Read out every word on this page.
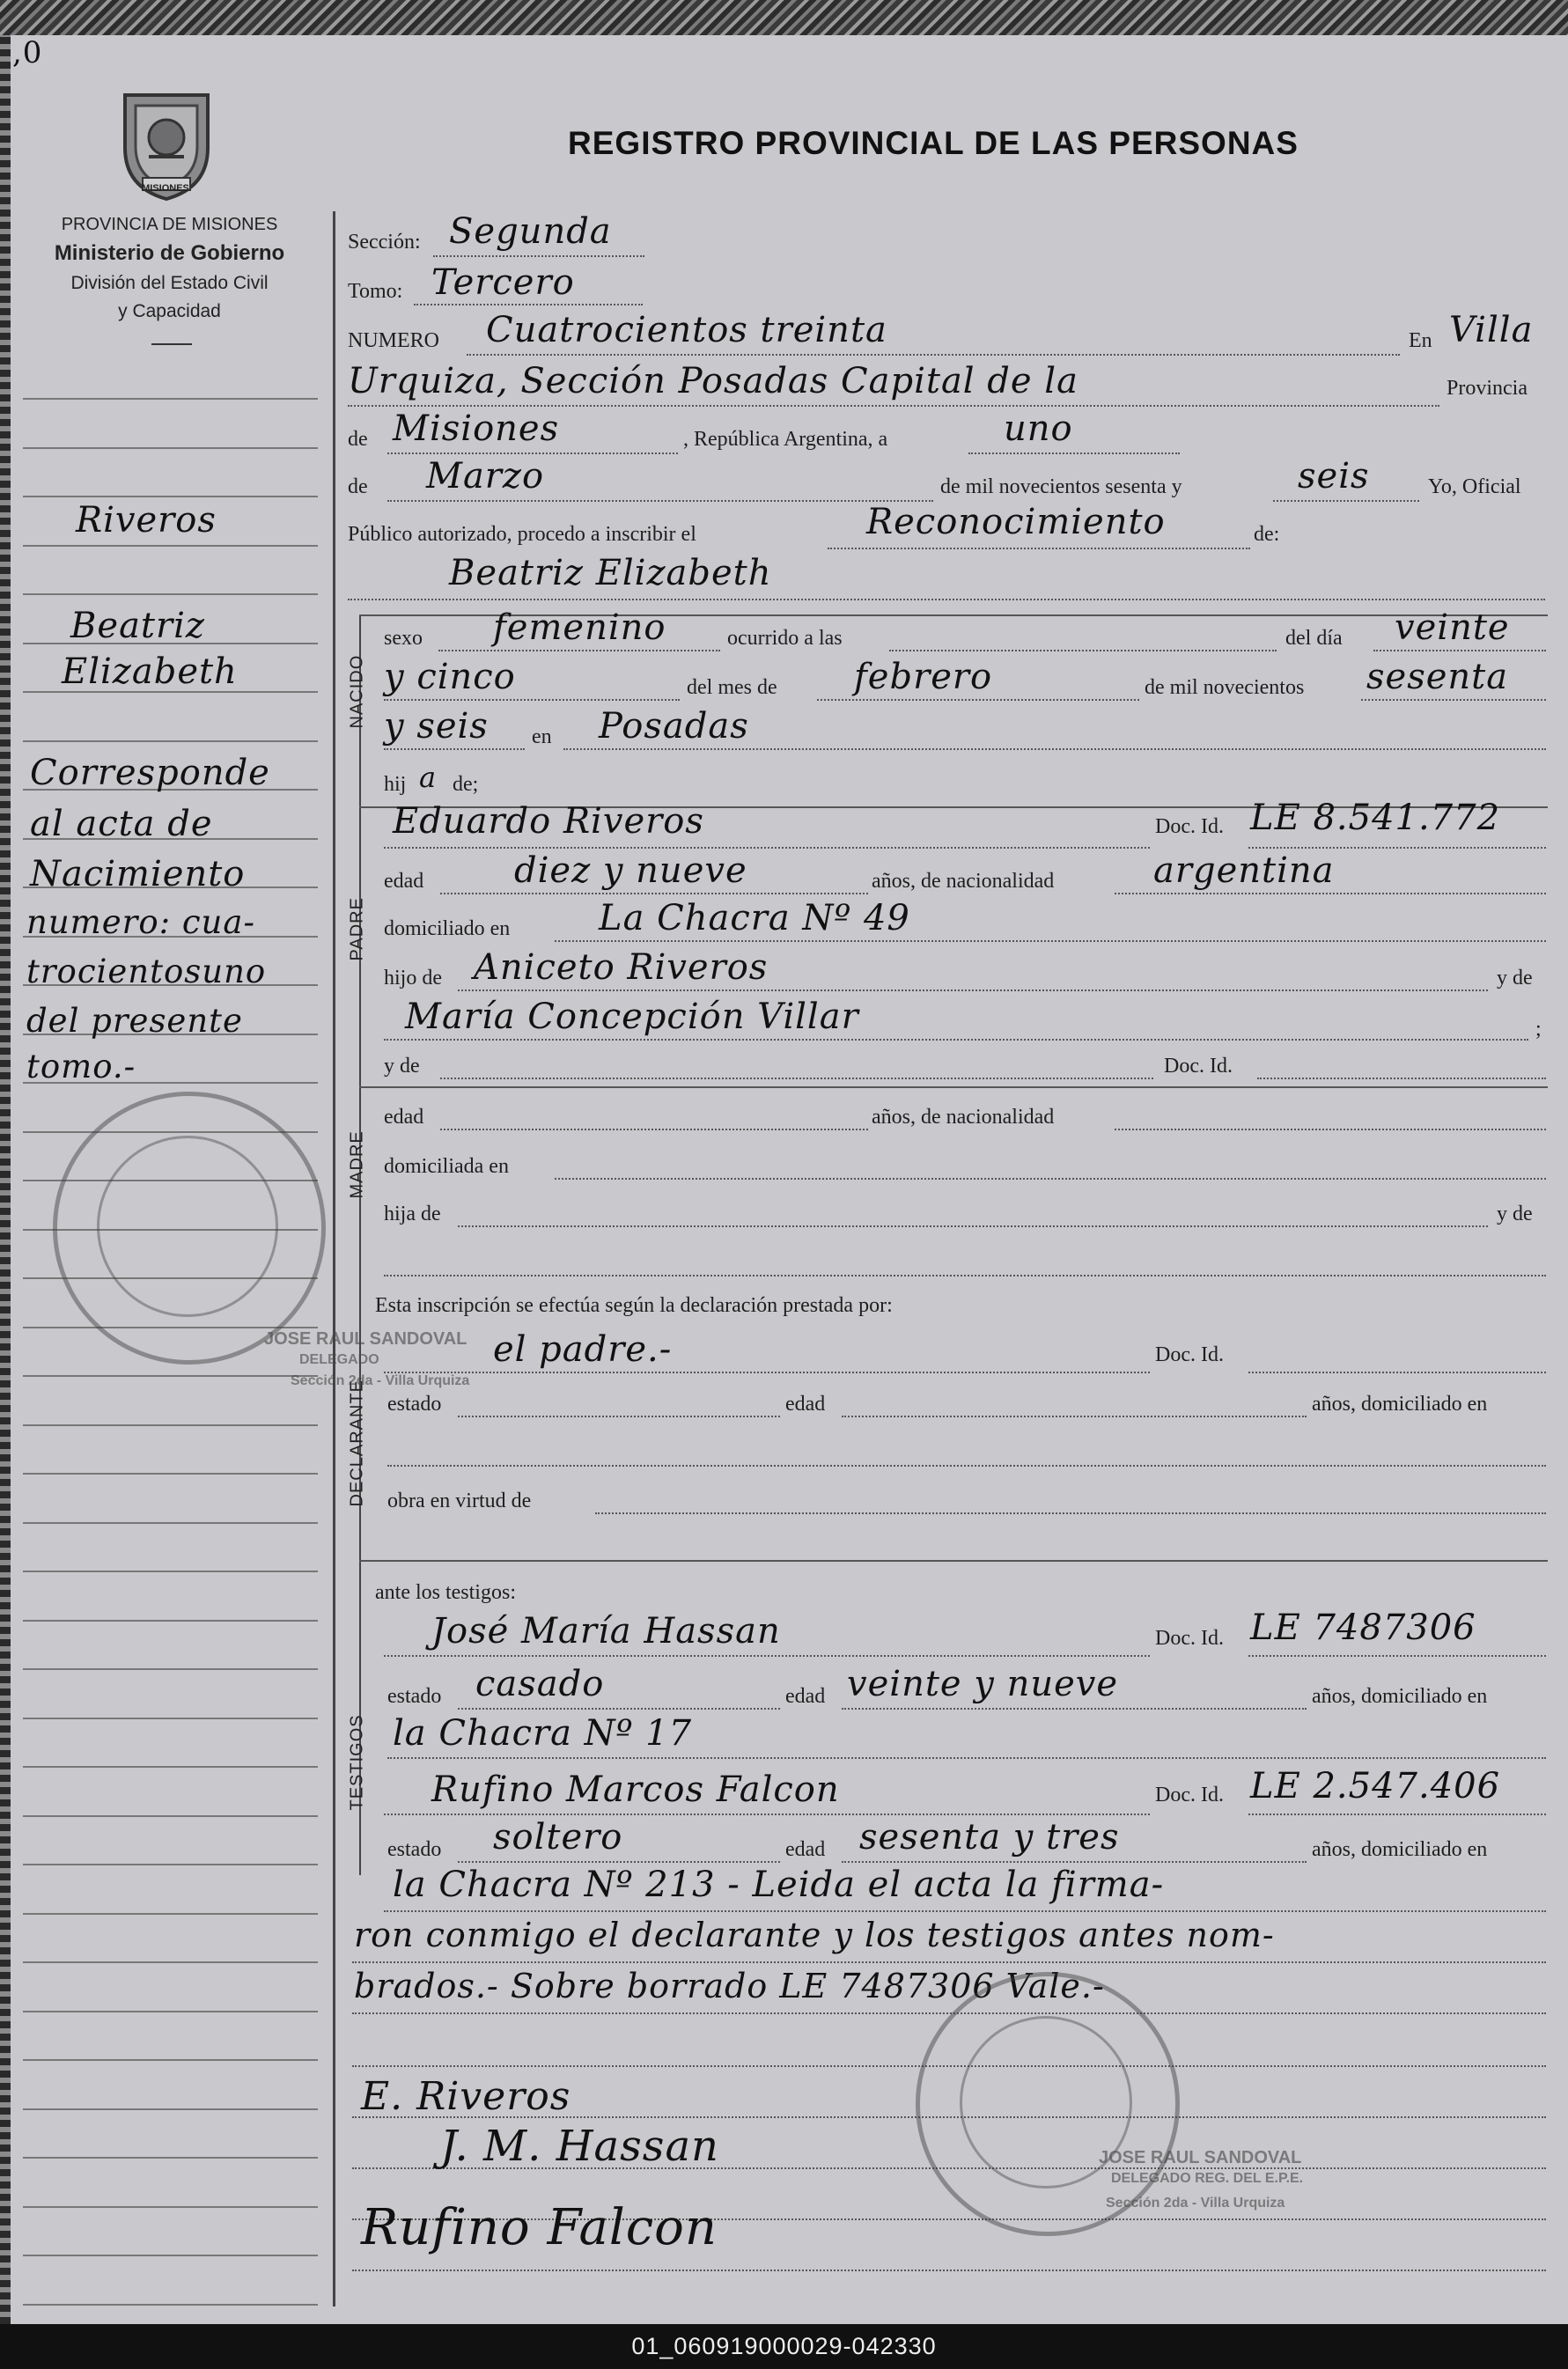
,0
MISIONES
PROVINCIA DE MISIONES
Ministerio de Gobierno
División del Estado Civil
y Capacidad
REGISTRO PROVINCIAL DE LAS PERSONAS
Riveros
Beatriz
Elizabeth
Corresponde
al acta de
Nacimiento
numero: cua-
trocientosuno
del presente
tomo.-
NACIDO
PADRE
MADRE
DECLARANTE
TESTIGOS
Sección: Segunda
Tomo: Tercero
NUMERO Cuatrocientos treinta	En Villa
Urquiza, Sección Posadas Capital de la	Provincia
de Misiones	, República Argentina, a	uno
de Marzo	de mil novecientos sesenta y	seis	Yo, Oficial
Público autorizado, procedo a inscribir el	Reconocimiento	de:
Beatriz Elizabeth
sexo femenino	ocurrido a las	del día veinte
y cinco	del mes de febrero	de mil novecientos sesenta
y seis en Posadas
hij a de;
Eduardo Riveros	Doc. Id. LE 8.541.772
edad	diez y nueve	años, de nacionalidad	argentina
domiciliado en	La Chacra Nº 49
hijo de Aniceto Riveros	y de
María Concepción Villar	;
y de	Doc. Id.
edad	años, de nacionalidad
domiciliada en
hija de	y de
Esta inscripción se efectúa según la declaración prestada por:
el padre.-	Doc. Id.
estado	edad	años, domiciliado en
obra en virtud de
ante los testigos:
José María Hassan	Doc. Id. LE 7487306
estado casado	edad veinte y nueve	años, domiciliado en
la Chacra Nº 17
Rufino Marcos Falcon	Doc. Id. LE 2.547.406
estado soltero	edad sesenta y tres	años, domiciliado en
la Chacra Nº 213 - Leida el acta la firma-
ron conmigo el declarante y los testigos antes nom-
brados.- Sobre borrado LE 7487306 Vale.-
E. Riveros
J. M. Hassan
Rufino Falcon
JOSE RAUL SANDOVAL
DELEGADO
Sección 2da - Villa Urquiza
JOSE RAUL SANDOVAL
DELEGADO REG. DEL E.P.E.
Sección 2da - Villa Urquiza
01_060919000029-042330
